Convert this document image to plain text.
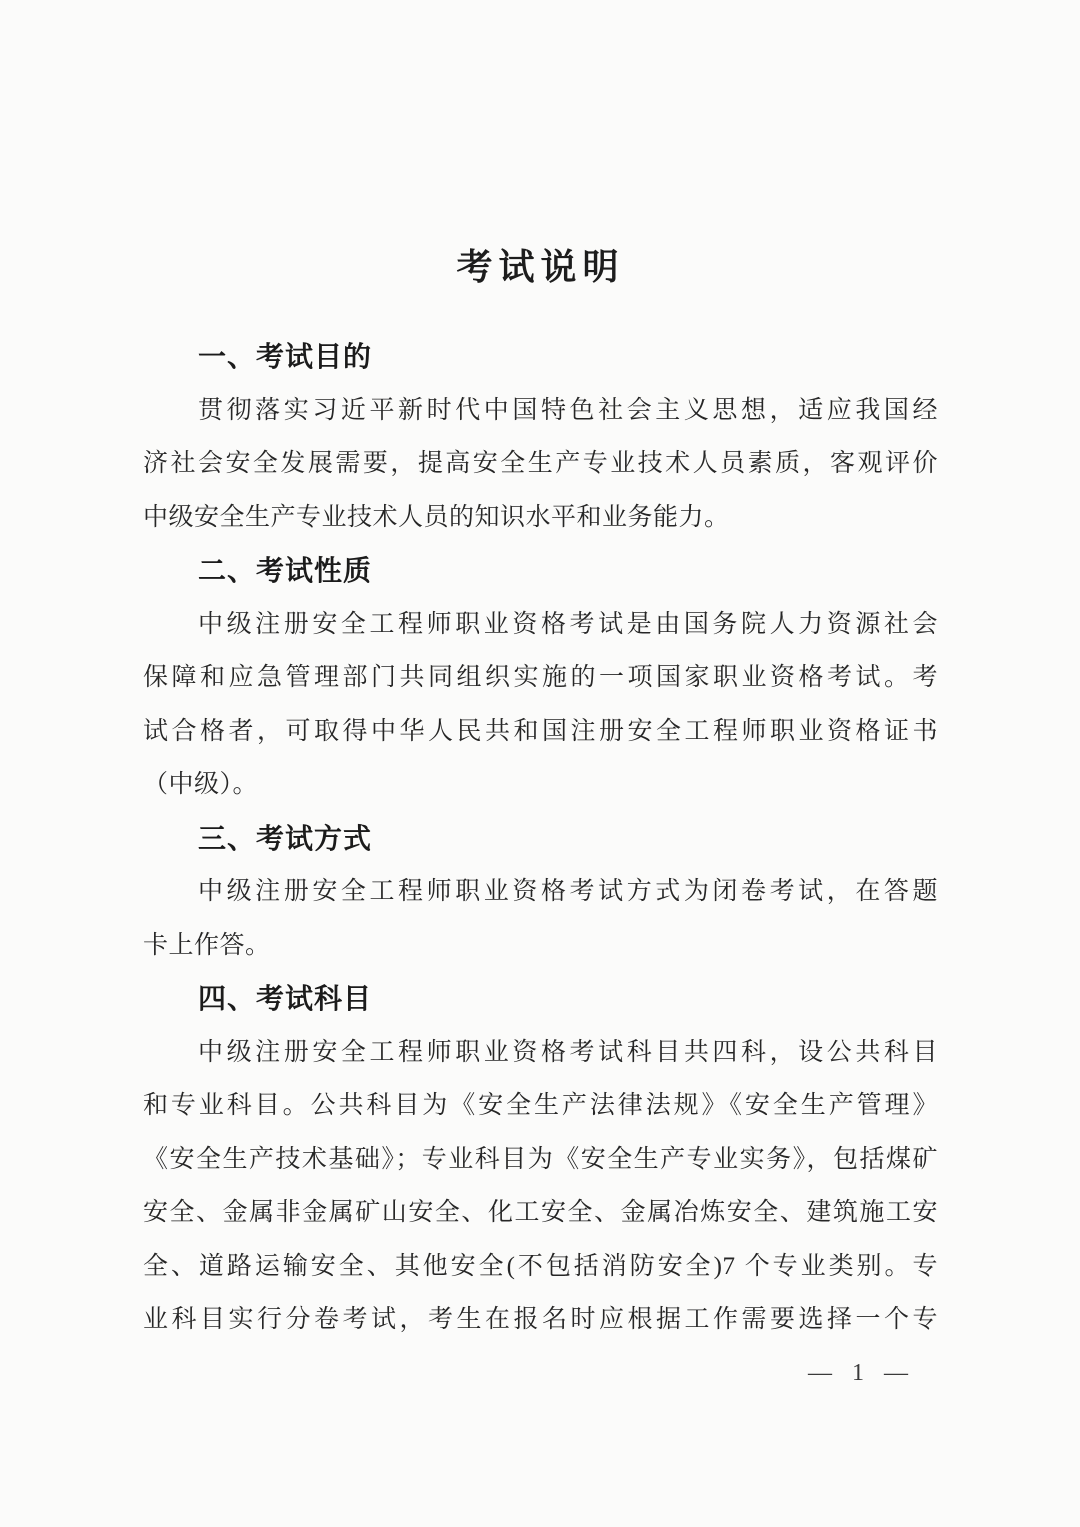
考试说明
一、考试目的
贯彻落实习近平新时代中国特色社会主义思想，适应我国经
济社会安全发展需要，提高安全生产专业技术人员素质，客观评价
中级安全生产专业技术人员的知识水平和业务能力。
二、考试性质
中级注册安全工程师职业资格考试是由国务院人力资源社会
保障和应急管理部门共同组织实施的一项国家职业资格考试。考
试合格者，可取得中华人民共和国注册安全工程师职业资格证书
（中级）。
三、考试方式
中级注册安全工程师职业资格考试方式为闭卷考试，在答题
卡上作答。
四、考试科目
中级注册安全工程师职业资格考试科目共四科，设公共科目
和专业科目。公共科目为《安全生产法律法规》《安全生产管理》
《安全生产技术基础》；专业科目为《安全生产专业实务》，包括煤矿
安全、金属非金属矿山安全、化工安全、金属冶炼安全、建筑施工安
全、道路运输安全、其他安全(不包括消防安全)7 个专业类别。专
业科目实行分卷考试，考生在报名时应根据工作需要选择一个专
— 1 —
